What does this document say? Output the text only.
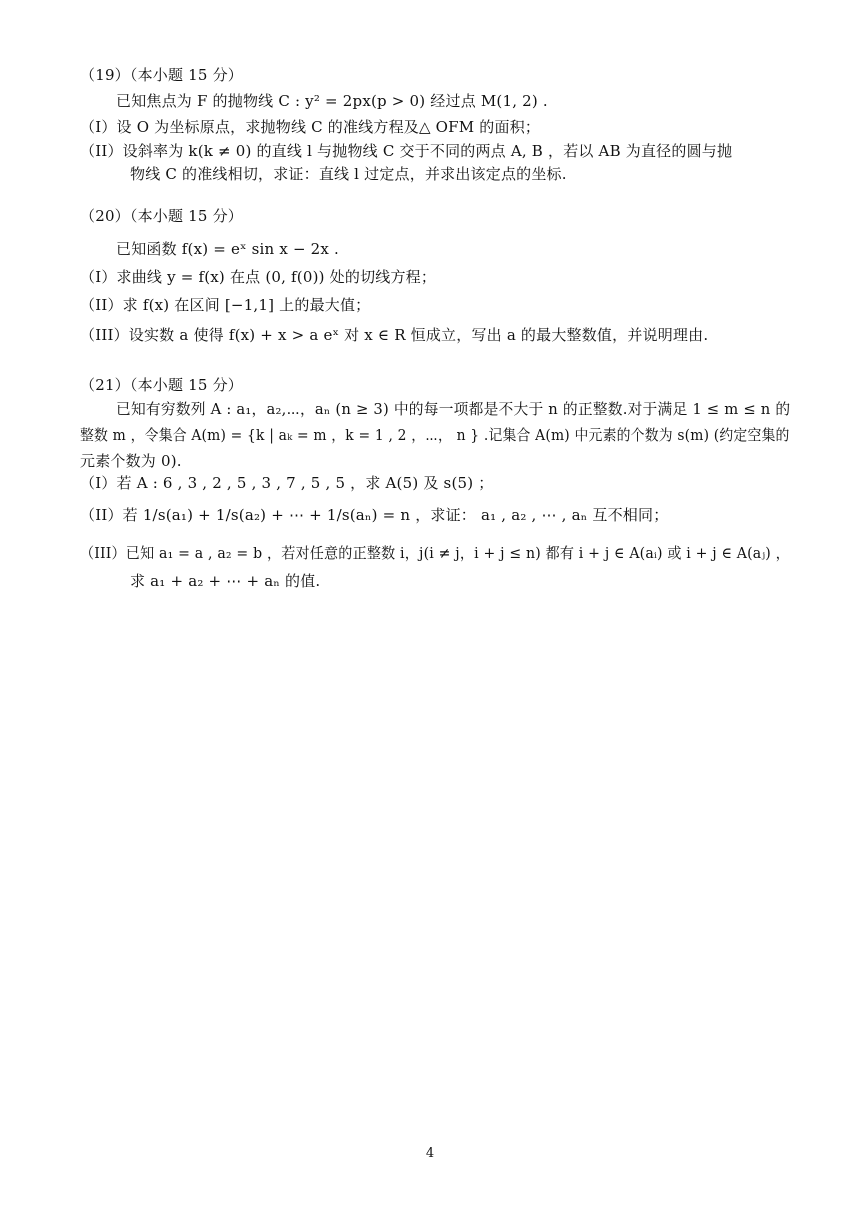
（19）（本小题 15 分）
已知焦点为 F 的抛物线 C : y² = 2px(p > 0) 经过点 M(1, 2) .
（I）设 O 为坐标原点，求抛物线 C 的准线方程及△ OFM 的面积；
（II）设斜率为 k(k ≠ 0) 的直线 l 与抛物线 C 交于不同的两点 A, B ，若以 AB 为直径的圆与抛
物线 C 的准线相切，求证：直线 l 过定点，并求出该定点的坐标.
（20）（本小题 15 分）
已知函数 f(x) = eˣ sin x − 2x .
（I）求曲线 y = f(x) 在点 (0, f(0)) 处的切线方程；
（II）求 f(x) 在区间 [−1,1] 上的最大值；
（III）设实数 a 使得 f(x) + x > a eˣ 对 x ∈ R 恒成立，写出 a 的最大整数值，并说明理由.
（21）（本小题 15 分）
已知有穷数列 A : a₁，a₂,⋯，aₙ (n ≥ 3) 中的每一项都是不大于 n 的正整数.对于满足 1 ≤ m ≤ n 的
整数 m ，令集合 A(m) = {k | aₖ = m ，k = 1 , 2 ，⋯， n } .记集合 A(m) 中元素的个数为 s(m) (约定空集的
元素个数为 0).
（I）若 A : 6 , 3 , 2 , 5 , 3 , 7 , 5 , 5 ，求 A(5) 及 s(5) ；
（II）若 1/s(a₁) + 1/s(a₂) + ⋯ + 1/s(aₙ) = n ，求证： a₁ , a₂ , ⋯ , aₙ 互不相同；
（III）已知 a₁ = a , a₂ = b ，若对任意的正整数 i，j(i ≠ j，i + j ≤ n) 都有 i + j ∈ A(aᵢ) 或 i + j ∈ A(aⱼ) ，
求 a₁ + a₂ + ⋯ + aₙ 的值.
4
